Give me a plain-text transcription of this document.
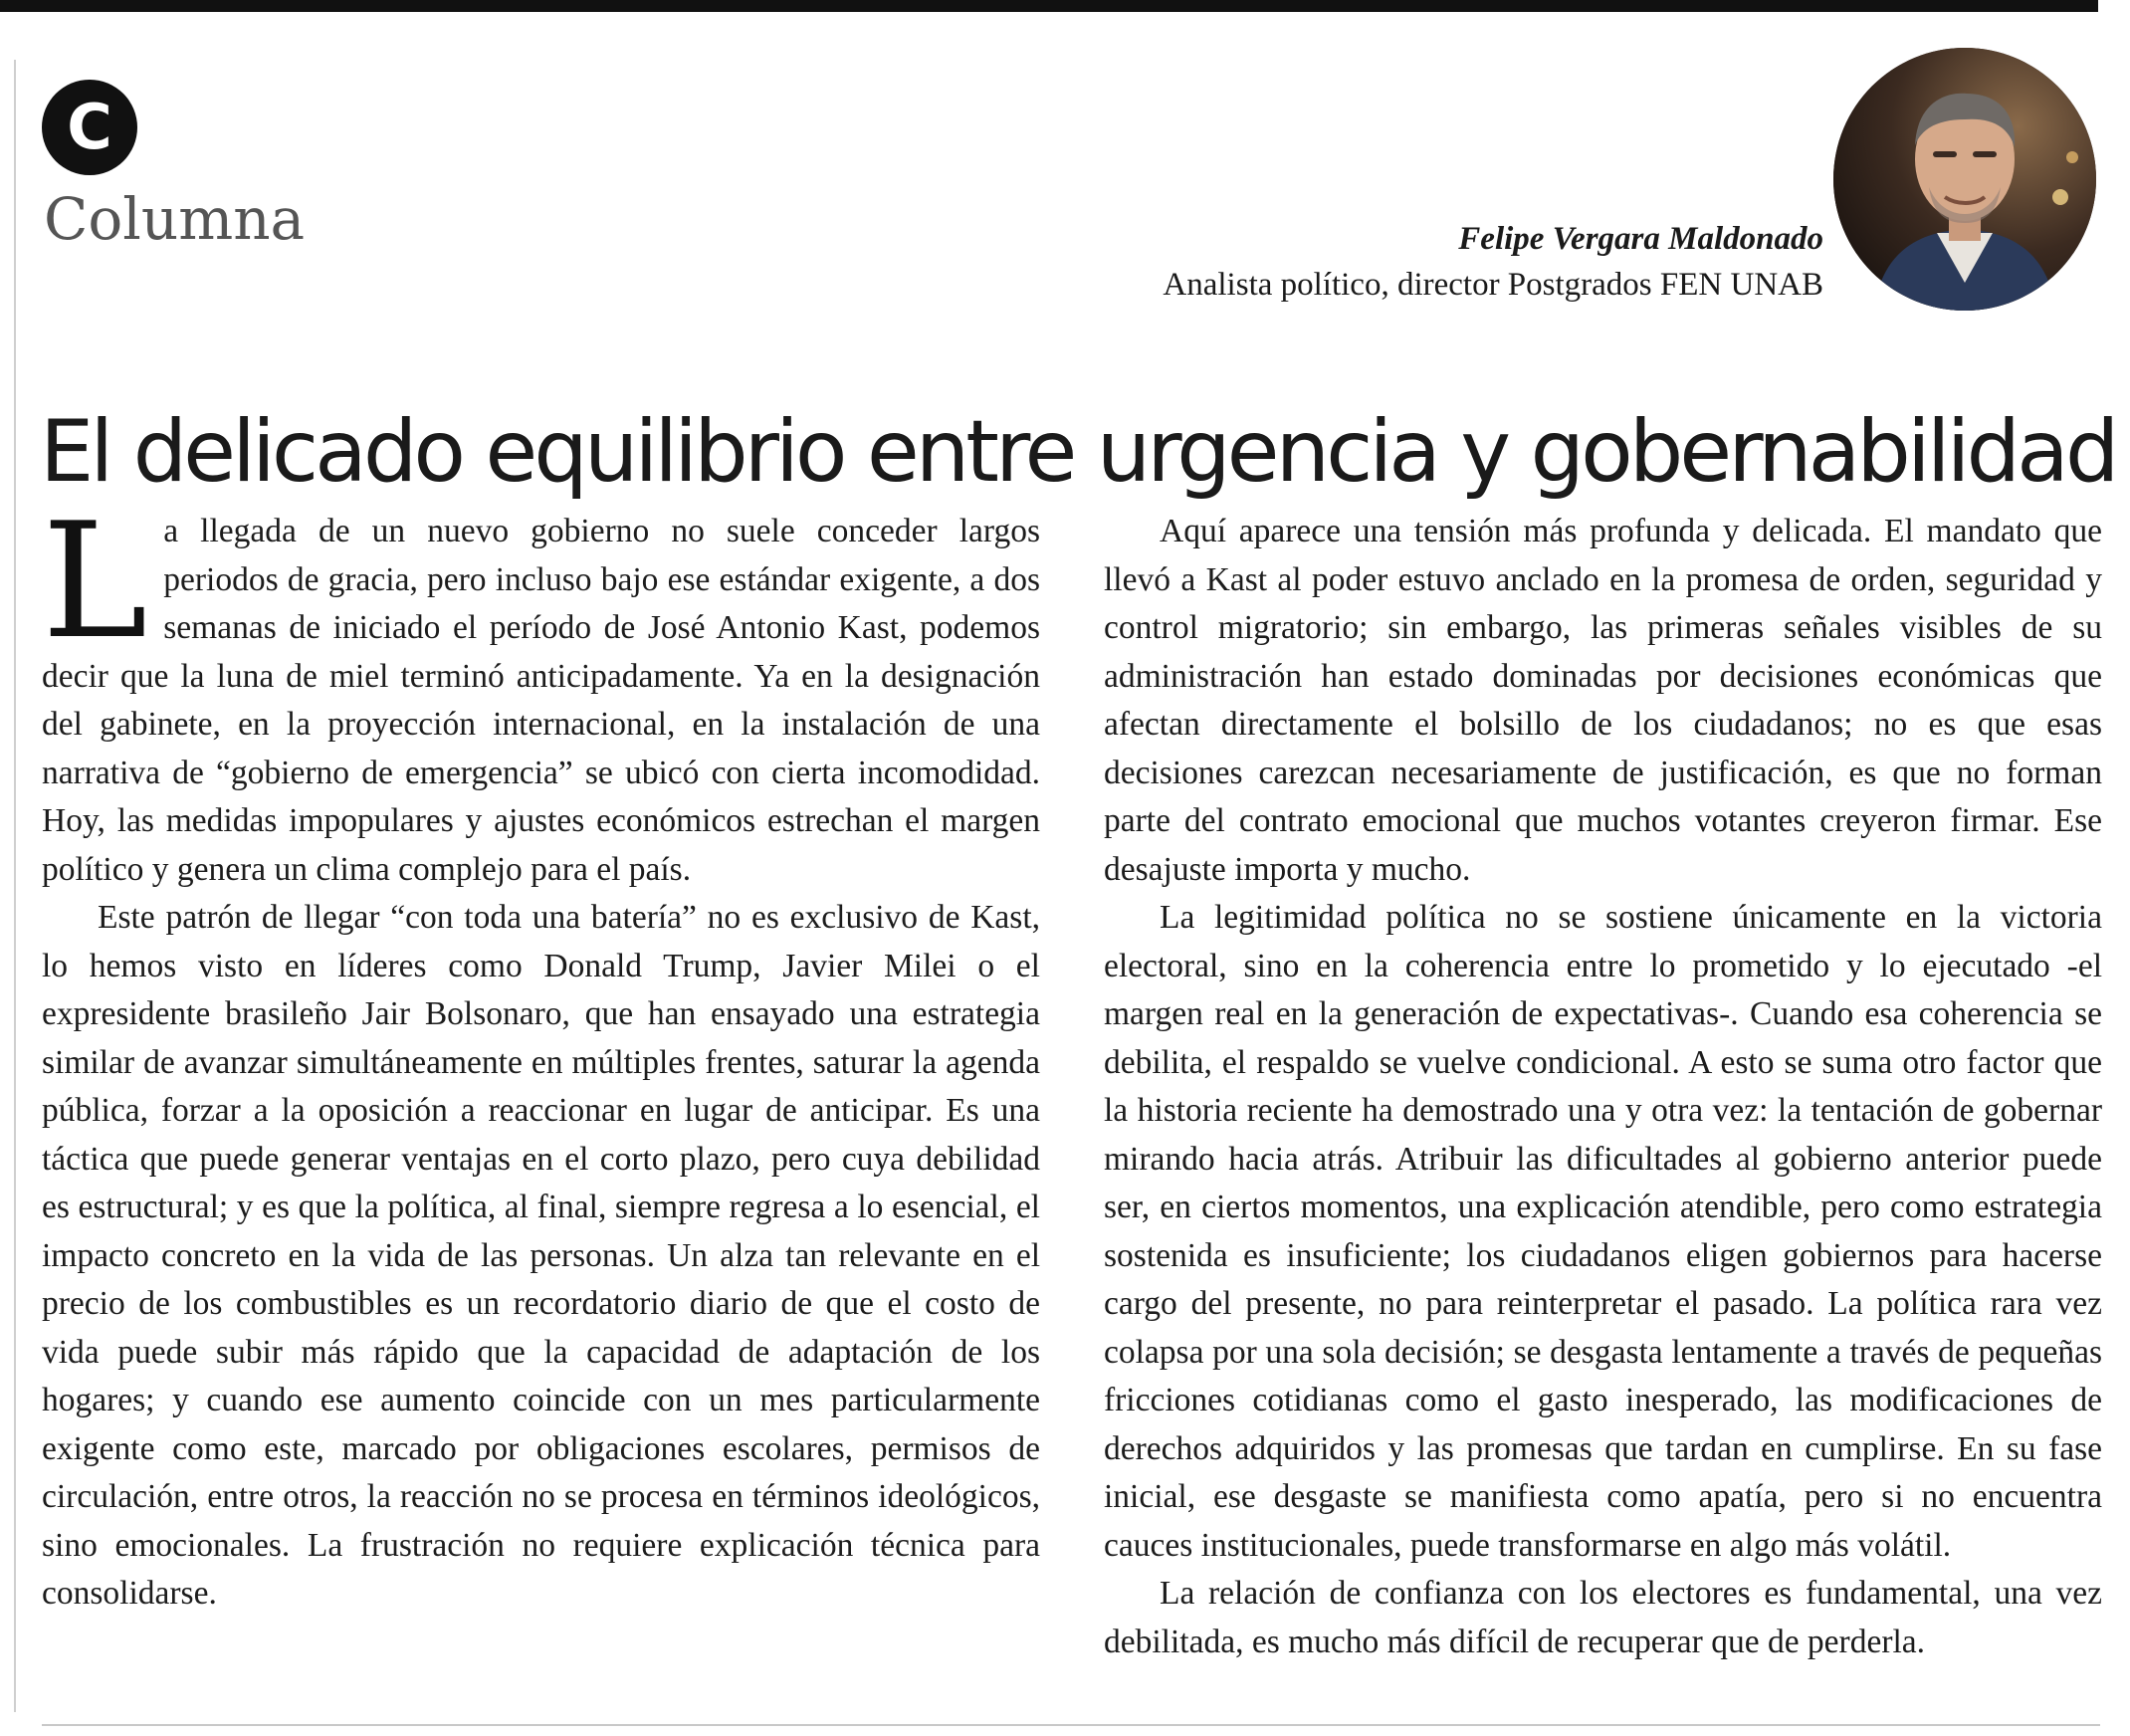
C
Columna	Felipe Vergara Maldonado
Analista político, director Postgrados FEN UNAB
El delicado equilibrio entre urgencia y gobernabilidad

La llegada de un nuevo gobierno no suele conceder largos periodos de gracia, pero incluso bajo ese estándar exigente, a dos semanas de iniciado el período de José Antonio Kast, podemos decir que la luna de miel terminó anticipadamente. Ya en la designación del gabinete, en la proyección internacional, en la instalación de una narrativa de “gobierno de emergencia” se ubicó con cierta incomodidad. Hoy, las medidas impopulares y ajustes económicos estrechan el margen político y genera un clima complejo para el país.

Este patrón de llegar “con toda una batería” no es exclusivo de Kast, lo hemos visto en líderes como Donald Trump, Javier Milei o el expresidente brasileño Jair Bolsonaro, que han ensayado una estrategia similar de avanzar simultáneamente en múltiples frentes, saturar la agenda pública, forzar a la oposición a reaccionar en lugar de anticipar. Es una táctica que puede generar ventajas en el corto plazo, pero cuya debilidad es estructural; y es que la política, al final, siempre regresa a lo esencial, el impacto concreto en la vida de las personas. Un alza tan relevante en el precio de los combustibles es un recordatorio diario de que el costo de vida puede subir más rápido que la capacidad de adaptación de los hogares; y cuando ese aumento coincide con un mes particularmente exigente como este, marcado por obligaciones escolares, permisos de circulación, entre otros, la reacción no se procesa en términos ideológicos, sino emocionales. La frustración no requiere explicación técnica para consolidarse.

Aquí aparece una tensión más profunda y delicada. El mandato que llevó a Kast al poder estuvo anclado en la promesa de orden, seguridad y control migratorio; sin embargo, las primeras señales visibles de su administración han estado dominadas por decisiones económicas que afectan directamente el bolsillo de los ciudadanos; no es que esas decisiones carezcan necesariamente de justificación, es que no forman parte del contrato emocional que muchos votantes creyeron firmar. Ese desajuste importa y mucho.

La legitimidad política no se sostiene únicamente en la victoria electoral, sino en la coherencia entre lo prometido y lo ejecutado -el margen real en la generación de expectativas-. Cuando esa coherencia se debilita, el respaldo se vuelve condicional. A esto se suma otro factor que la historia reciente ha demostrado una y otra vez: la tentación de gobernar mirando hacia atrás. Atribuir las dificultades al gobierno anterior puede ser, en ciertos momentos, una explicación atendible, pero como estrategia sostenida es insuficiente; los ciudadanos eligen gobiernos para hacerse cargo del presente, no para reinterpretar el pasado. La política rara vez colapsa por una sola decisión; se desgasta lentamente a través de pequeñas fricciones cotidianas como el gasto inesperado, las modificaciones de derechos adquiridos y las promesas que tardan en cumplirse. En su fase inicial, ese desgaste se manifiesta como apatía, pero si no encuentra cauces institucionales, puede transformarse en algo más volátil.

La relación de confianza con los electores es fundamental, una vez debilitada, es mucho más difícil de recuperar que de perderla.
